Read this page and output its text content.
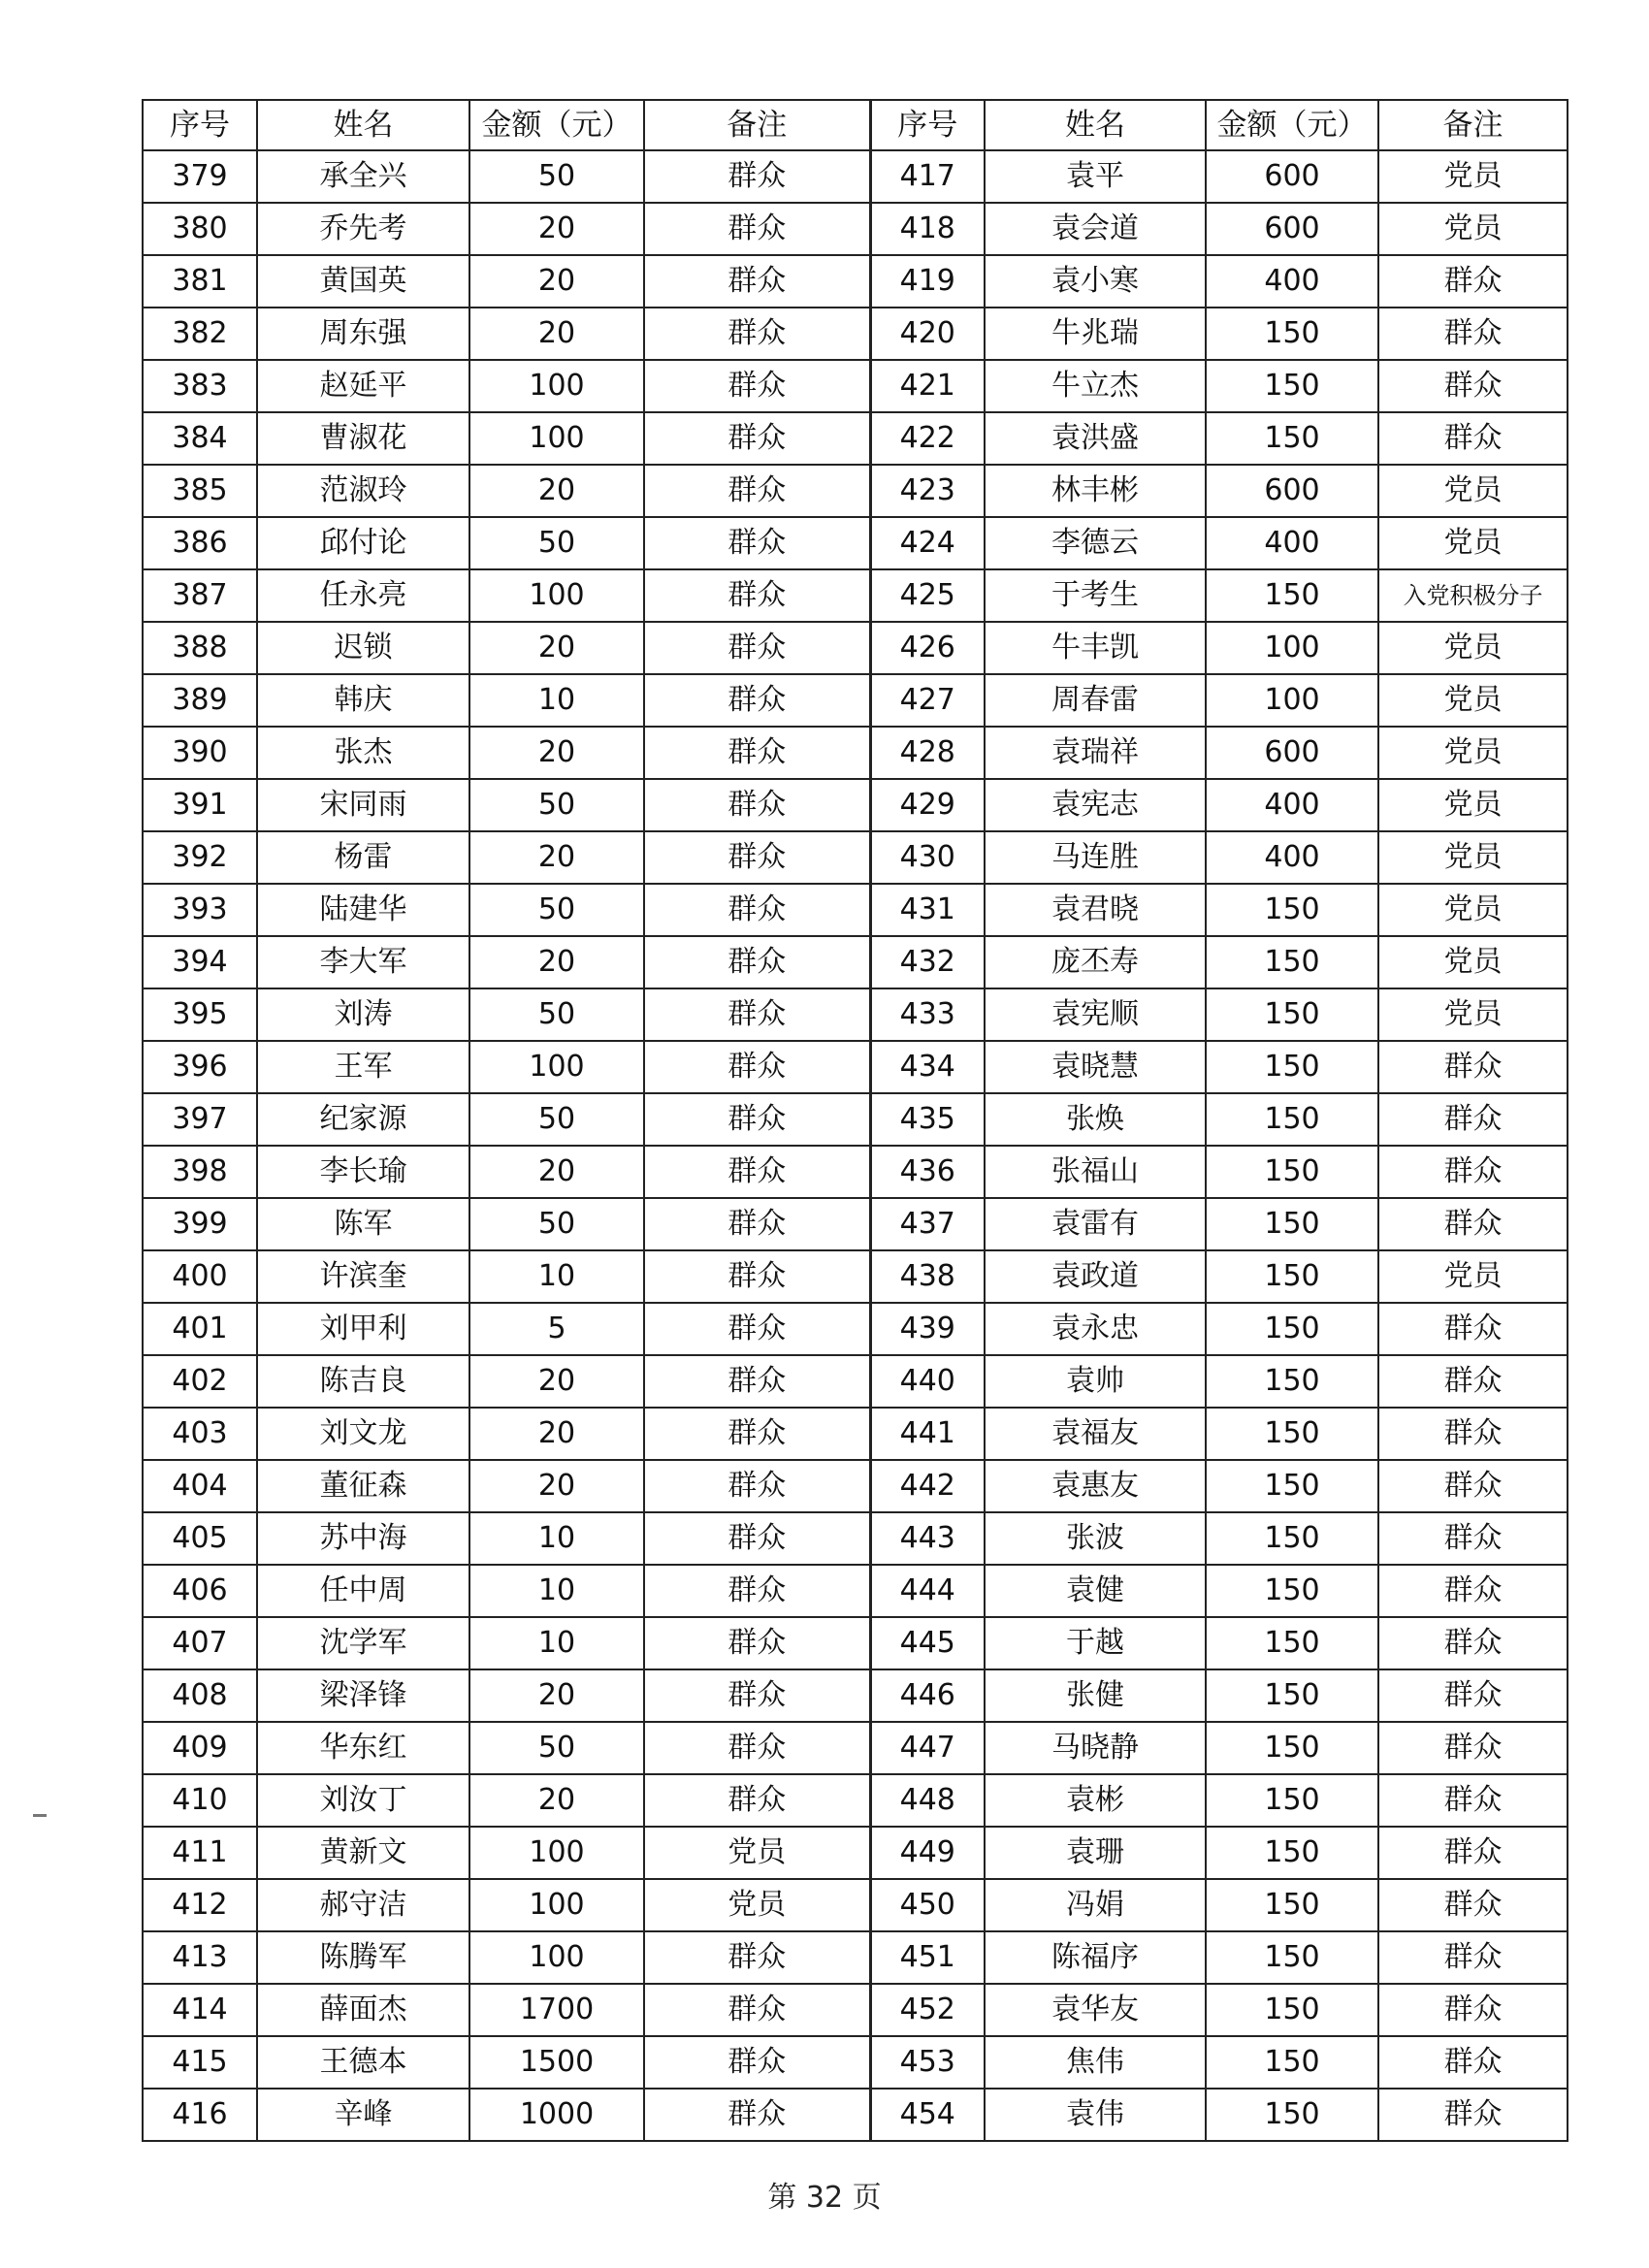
序号	姓名	金额（元）	备注	序号	姓名	金额（元）	备注
379	承全兴	50	群众	417	袁平	600	党员
380	乔先考	20	群众	418	袁会道	600	党员
381	黄国英	20	群众	419	袁小寒	400	群众
382	周东强	20	群众	420	牛兆瑞	150	群众
383	赵延平	100	群众	421	牛立杰	150	群众
384	曹淑花	100	群众	422	袁洪盛	150	群众
385	范淑玲	20	群众	423	林丰彬	600	党员
386	邱付论	50	群众	424	李德云	400	党员
387	任永亮	100	群众	425	于考生	150	入党积极分子
388	迟锁	20	群众	426	牛丰凯	100	党员
389	韩庆	10	群众	427	周春雷	100	党员
390	张杰	20	群众	428	袁瑞祥	600	党员
391	宋同雨	50	群众	429	袁宪志	400	党员
392	杨雷	20	群众	430	马连胜	400	党员
393	陆建华	50	群众	431	袁君晓	150	党员
394	李大军	20	群众	432	庞丕寿	150	党员
395	刘涛	50	群众	433	袁宪顺	150	党员
396	王军	100	群众	434	袁晓慧	150	群众
397	纪家源	50	群众	435	张焕	150	群众
398	李长瑜	20	群众	436	张福山	150	群众
399	陈军	50	群众	437	袁雷有	150	群众
400	许滨奎	10	群众	438	袁政道	150	党员
401	刘甲利	5	群众	439	袁永忠	150	群众
402	陈吉良	20	群众	440	袁帅	150	群众
403	刘文龙	20	群众	441	袁福友	150	群众
404	董征森	20	群众	442	袁惠友	150	群众
405	苏中海	10	群众	443	张波	150	群众
406	任中周	10	群众	444	袁健	150	群众
407	沈学军	10	群众	445	于越	150	群众
408	梁泽锋	20	群众	446	张健	150	群众
409	华东红	50	群众	447	马晓静	150	群众
410	刘汝丁	20	群众	448	袁彬	150	群众
411	黄新文	100	党员	449	袁珊	150	群众
412	郝守洁	100	党员	450	冯娟	150	群众
413	陈腾军	100	群众	451	陈福序	150	群众
414	薛面杰	1700	群众	452	袁华友	150	群众
415	王德本	1500	群众	453	焦伟	150	群众
416	辛峰	1000	群众	454	袁伟	150	群众
第 32 页
